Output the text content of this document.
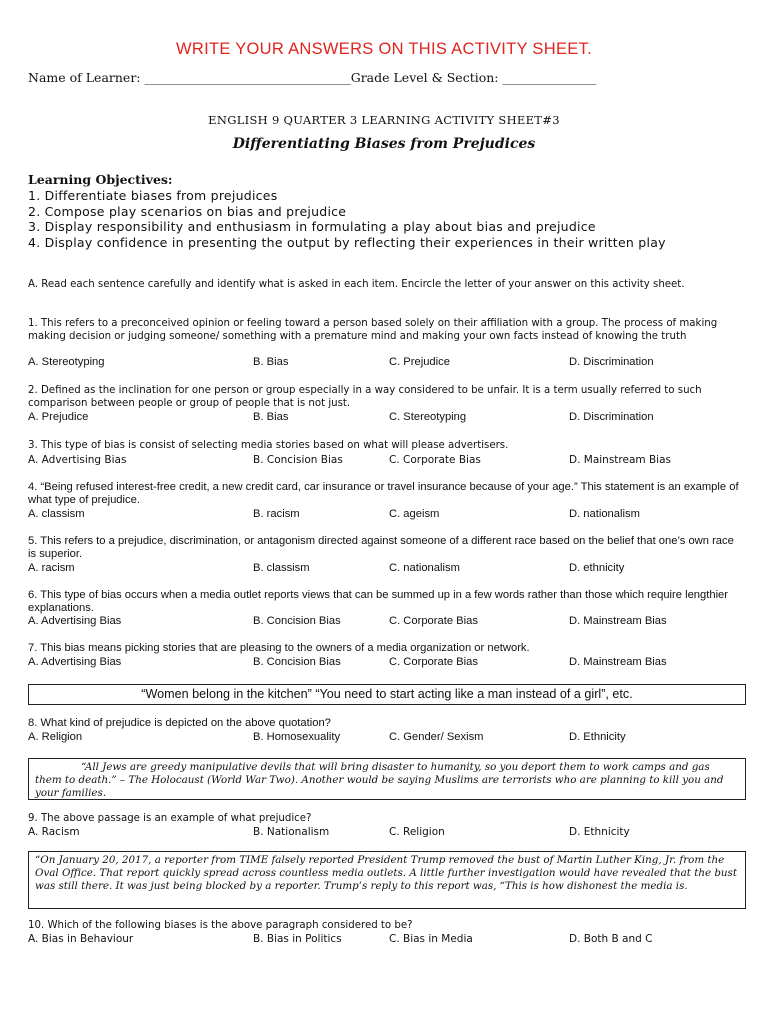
WRITE YOUR ANSWERS ON THIS ACTIVITY SHEET.
Name of Learner: _________________________________Grade Level & Section: _______________
ENGLISH 9 QUARTER 3 LEARNING ACTIVITY SHEET#3
Differentiating Biases from Prejudices
Learning Objectives:
1. Differentiate biases from prejudices
2. Compose play scenarios on bias and prejudice
3. Display responsibility and enthusiasm in formulating a play about bias and prejudice
4. Display confidence in presenting the output by reflecting their experiences in their written play
A. Read each sentence carefully and identify what is asked in each item. Encircle the letter of your answer on this activity sheet.
1. This refers to a preconceived opinion or feeling toward a person based solely on their affiliation with a group. The process of making making decision or judging someone/ something with a premature mind and making your own facts instead of knowing the truth
A. Stereotyping	B. Bias	C. Prejudice	D. Discrimination
2. Defined as the inclination for one person or group especially in a way considered to be unfair. It is a term usually referred to such comparison between people or group of people that is not just.
A. Prejudice	B. Bias	C. Stereotyping	D. Discrimination
3. This type of bias is consist of selecting media stories based on what will please advertisers.
A. Advertising Bias	B. Concision Bias	C. Corporate Bias	D. Mainstream Bias
4. “Being refused interest-free credit, a new credit card, car insurance or travel insurance because of your age.” This statement is an example of what type of prejudice.
A. classism	B. racism	C. ageism	D. nationalism
5. This refers to a prejudice, discrimination, or antagonism directed against someone of a different race based on the belief that one’s own race is superior.
A. racism	B. classism	C. nationalism	D. ethnicity
6. This type of bias occurs when a media outlet reports views that can be summed up in a few words rather than those which require lengthier explanations.
A. Advertising Bias	B. Concision Bias	C. Corporate Bias	D. Mainstream Bias
7. This bias means picking stories that are pleasing to the owners of a media organization or network.
A. Advertising Bias	B. Concision Bias	C. Corporate Bias	D. Mainstream Bias
“Women belong in the kitchen” “You need to start acting like a man instead of a girl”, etc.
8. What kind of prejudice is depicted on the above quotation?
A. Religion	B. Homosexuality	C. Gender/ Sexism	D. Ethnicity
“All Jews are greedy manipulative devils that will bring disaster to humanity, so you deport them to work camps and gas them to death.” – The Holocaust (World War Two). Another would be saying Muslims are terrorists who are planning to kill you and your families.
9. The above passage is an example of what prejudice?
A. Racism	B. Nationalism	C. Religion	D. Ethnicity
“On January 20, 2017, a reporter from TIME falsely reported President Trump removed the bust of Martin Luther King, Jr. from the Oval Office. That report quickly spread across countless media outlets. A little further investigation would have revealed that the bust was still there. It was just being blocked by a reporter. Trump’s reply to this report was, “This is how dishonest the media is.
10. Which of the following biases is the above paragraph considered to be?
A. Bias in Behaviour	B. Bias in Politics	C. Bias in Media	D. Both B and C
